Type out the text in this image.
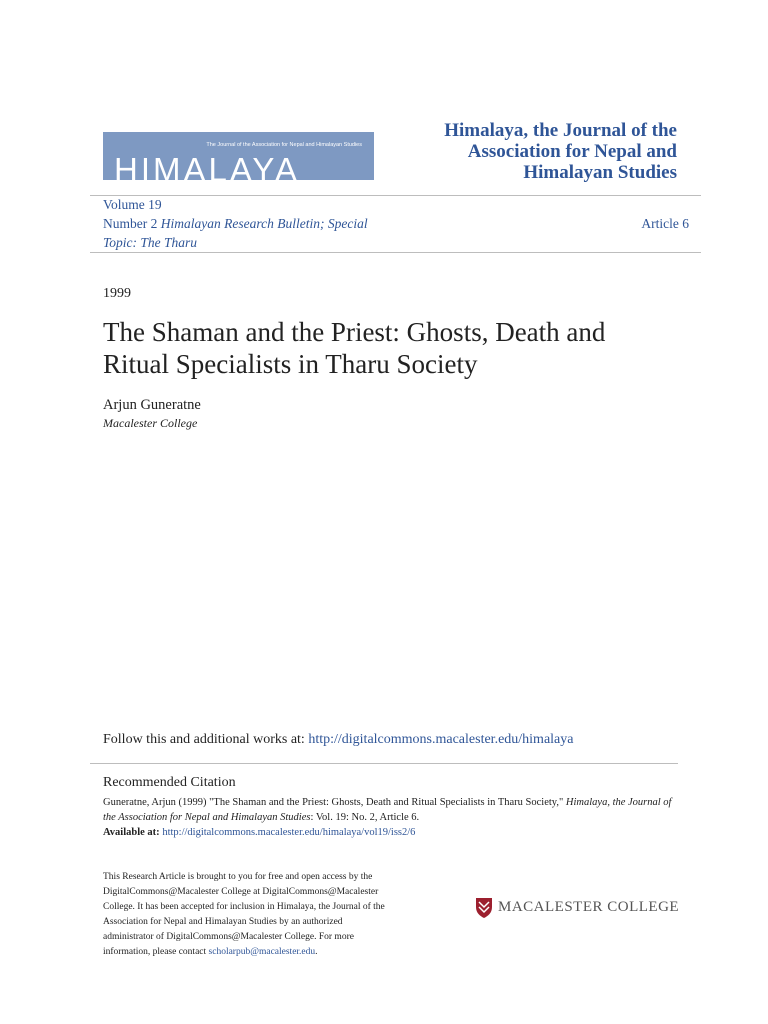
The Journal of the Association for Nepal and Himalayan Studies
HIMALAYA
Himalaya, the Journal of the Association for Nepal and Himalayan Studies
Volume 19
Number 2 Himalayan Research Bulletin; Special Topic: The Tharu
Article 6
1999
The Shaman and the Priest: Ghosts, Death and Ritual Specialists in Tharu Society
Arjun Guneratne
Macalester College
Follow this and additional works at: http://digitalcommons.macalester.edu/himalaya
Recommended Citation
Guneratne, Arjun (1999) "The Shaman and the Priest: Ghosts, Death and Ritual Specialists in Tharu Society," Himalaya, the Journal of the Association for Nepal and Himalayan Studies: Vol. 19: No. 2, Article 6.
Available at: http://digitalcommons.macalester.edu/himalaya/vol19/iss2/6
This Research Article is brought to you for free and open access by the DigitalCommons@Macalester College at DigitalCommons@Macalester College. It has been accepted for inclusion in Himalaya, the Journal of the Association for Nepal and Himalayan Studies by an authorized administrator of DigitalCommons@Macalester College. For more information, please contact scholarpub@macalester.edu.
MACALESTER COLLEGE
